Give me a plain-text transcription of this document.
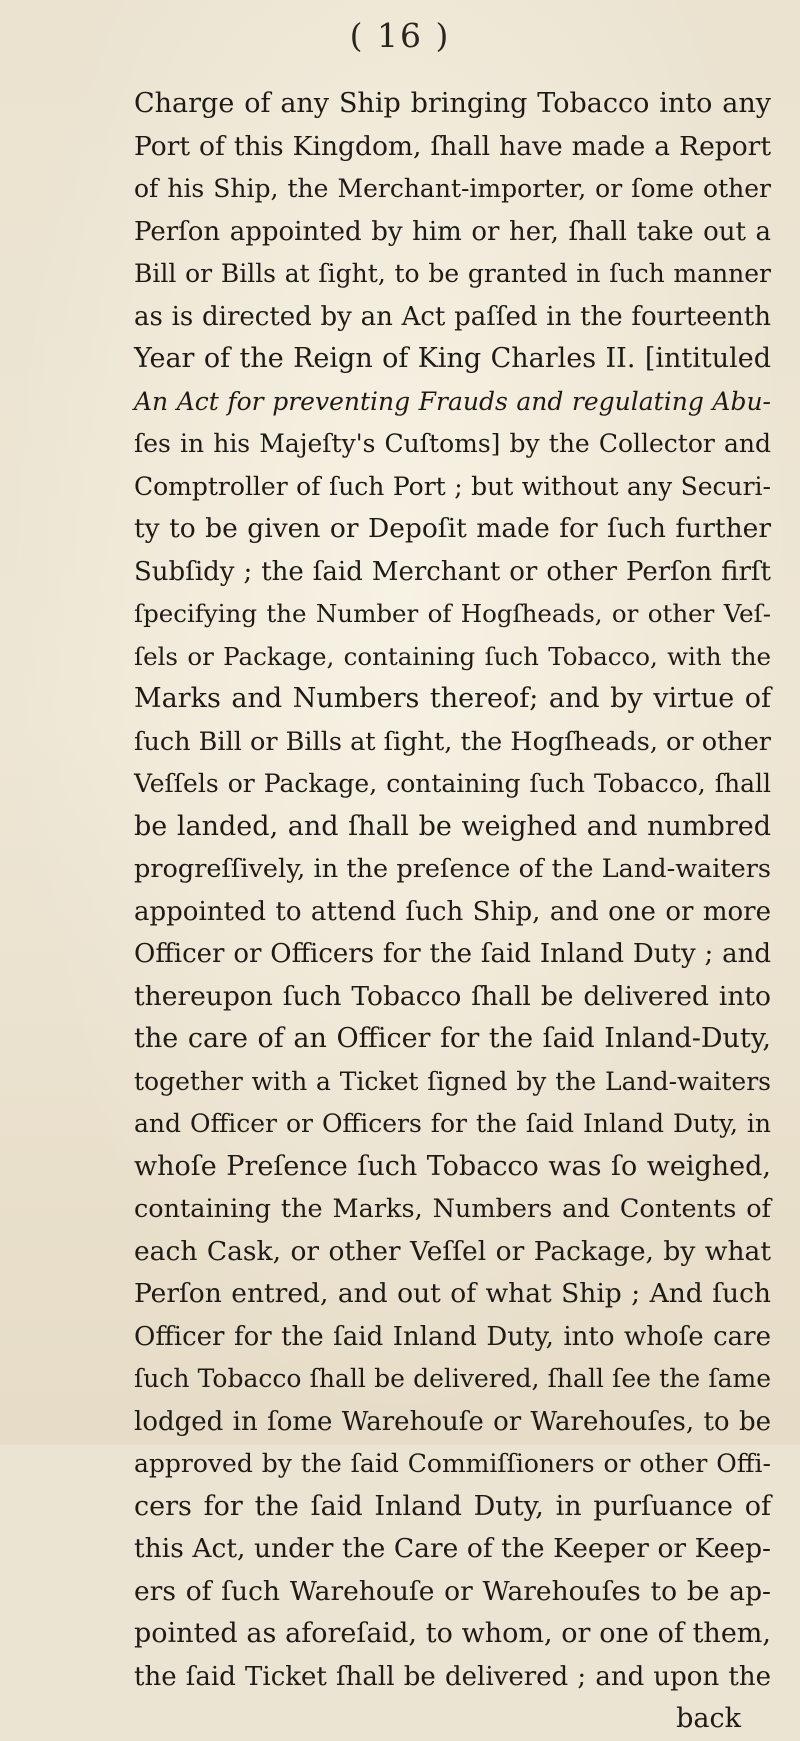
( 16 )
Charge of any Ship bringing Tobacco into any
Port of this Kingdom, ſhall have made a Report
of his Ship, the Merchant-importer, or ſome other
Perſon appointed by him or her, ſhall take out a
Bill or Bills at ſight, to be granted in ſuch manner
as is directed by an Act paſſed in the fourteenth
Year of the Reign of King Charles II. [intituled
An Act for preventing Frauds and regulating Abu-
ſes in his Majeſty's Cuſtoms] by the Collector and
Comptroller of ſuch Port ; but without any Securi-
ty to be given or Depoſit made for ſuch further
Subſidy ; the ſaid Merchant or other Perſon firſt
ſpecifying the Number of Hogſheads, or other Veſ-
ſels or Package, containing ſuch Tobacco, with the
Marks and Numbers thereof; and by virtue of
ſuch Bill or Bills at ſight, the Hogſheads, or other
Veſſels or Package, containing ſuch Tobacco, ſhall
be landed, and ſhall be weighed and numbred
progreſſively, in the preſence of the Land-waiters
appointed to attend ſuch Ship, and one or more
Officer or Officers for the ſaid Inland Duty ; and
thereupon ſuch Tobacco ſhall be delivered into
the care of an Officer for the ſaid Inland-Duty,
together with a Ticket ſigned by the Land-waiters
and Officer or Officers for the ſaid Inland Duty, in
whoſe Preſence ſuch Tobacco was ſo weighed,
containing the Marks, Numbers and Contents of
each Cask, or other Veſſel or Package, by what
Perſon entred, and out of what Ship ; And ſuch
Officer for the ſaid Inland Duty, into whoſe care
ſuch Tobacco ſhall be delivered, ſhall ſee the ſame
lodged in ſome Warehouſe or Warehouſes, to be
approved by the ſaid Commiſſioners or other Offi-
cers for the ſaid Inland Duty, in purſuance of
this Act, under the Care of the Keeper or Keep-
ers of ſuch Warehouſe or Warehouſes to be ap-
pointed as aforeſaid, to whom, or one of them,
the ſaid Ticket ſhall be delivered ; and upon the
back
